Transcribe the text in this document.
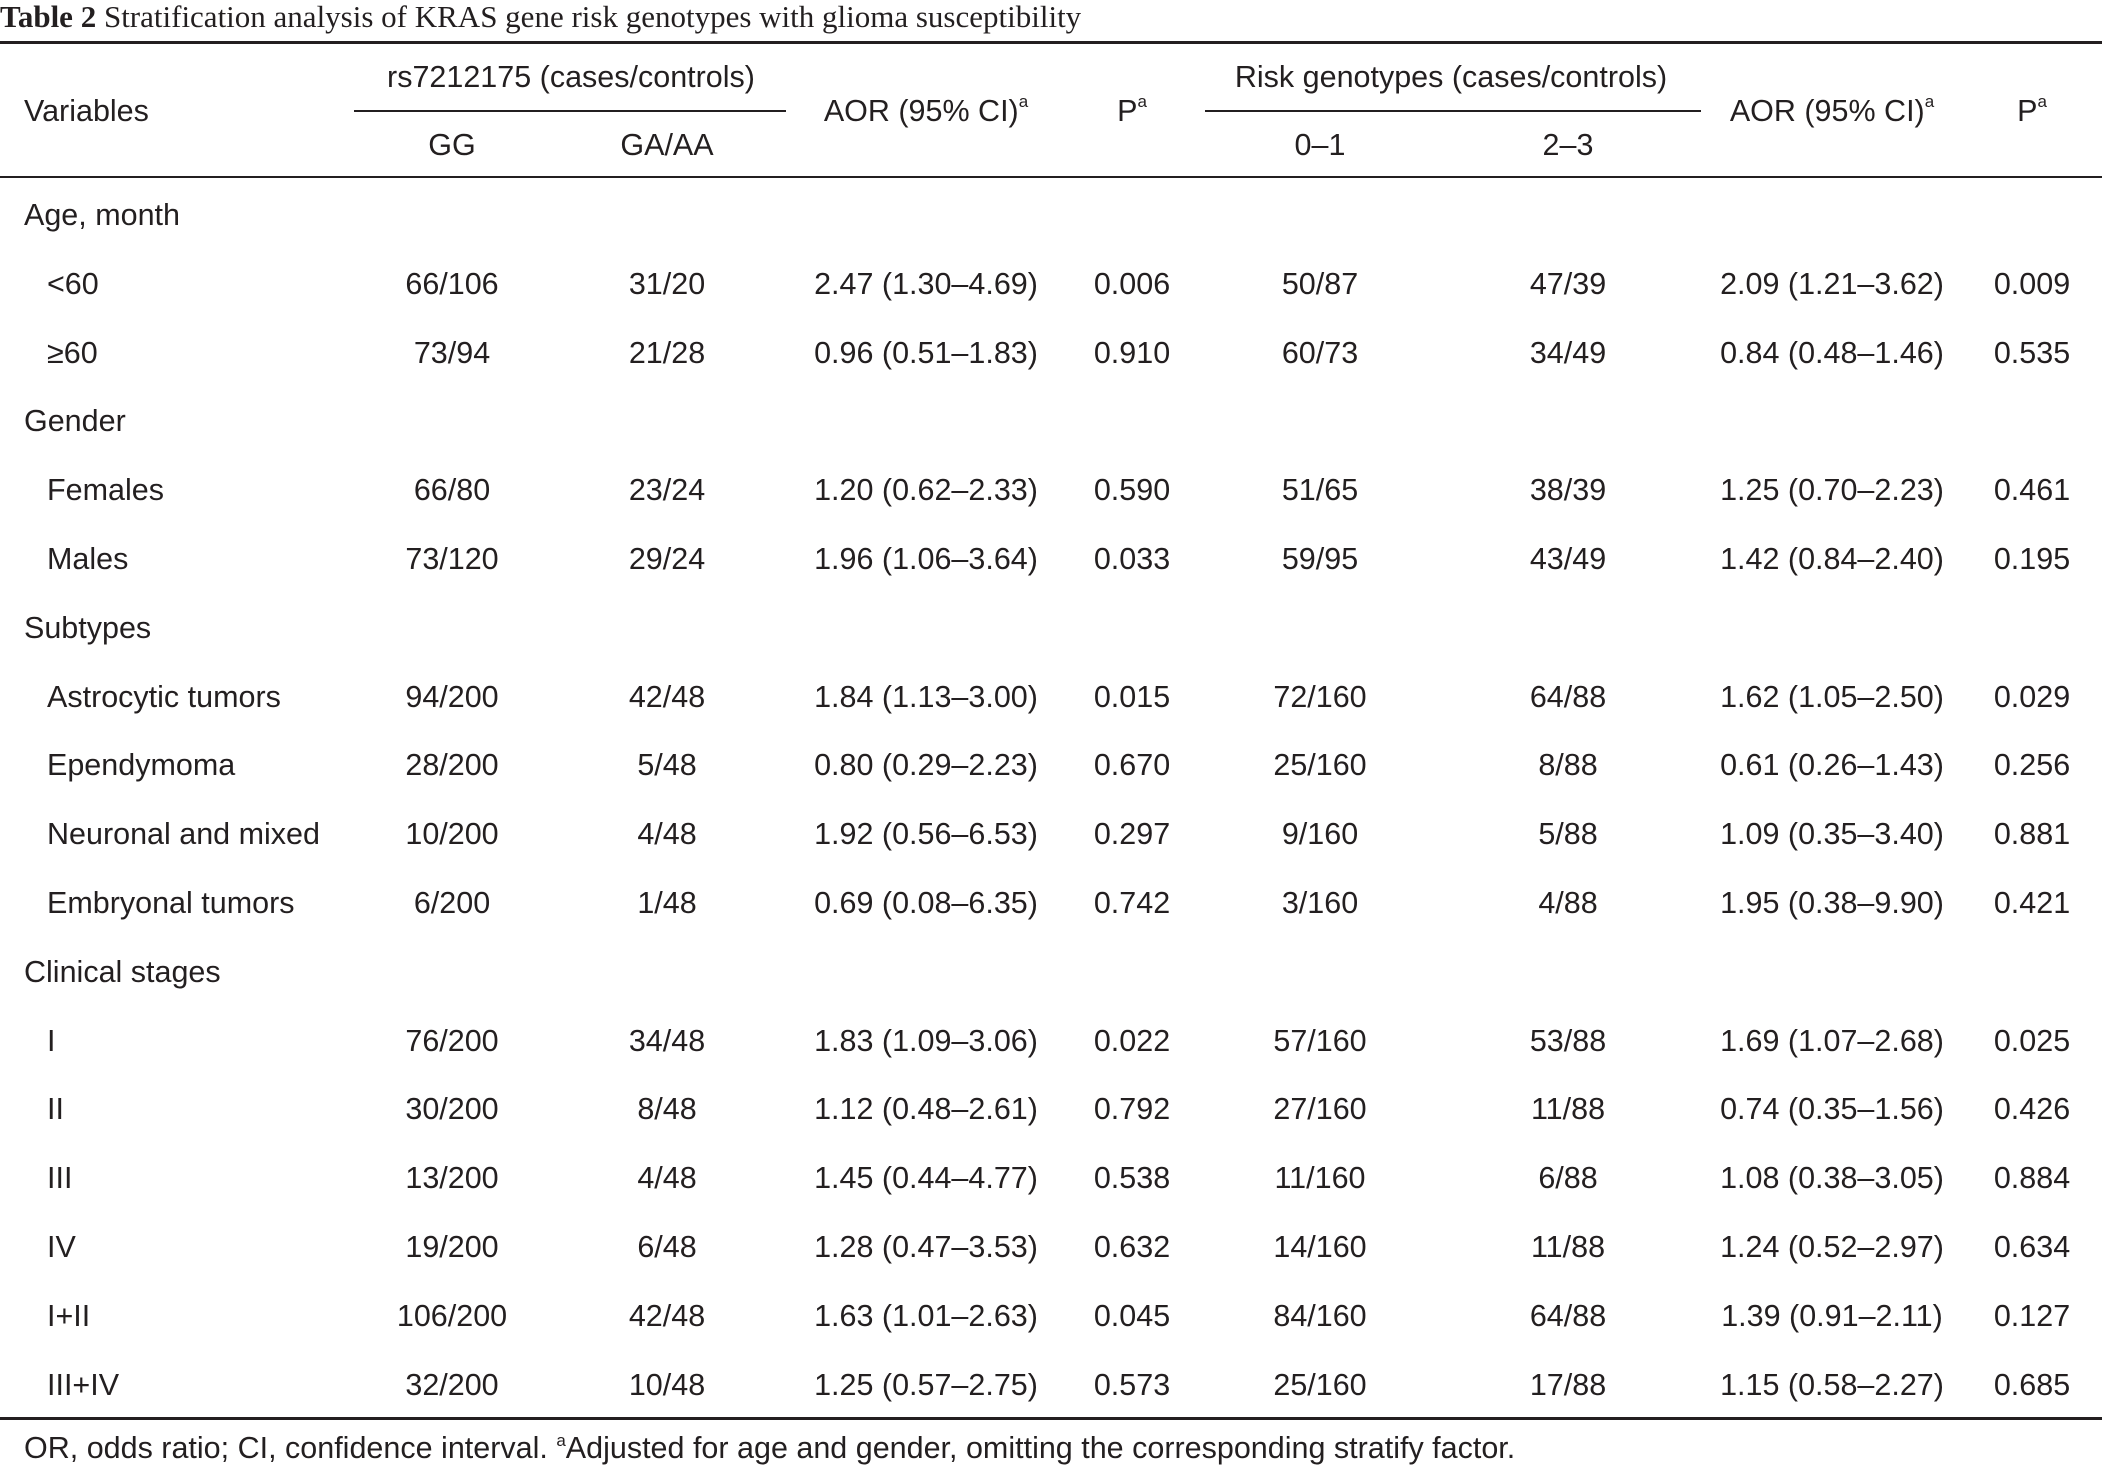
Table 2 Stratification analysis of KRAS gene risk genotypes with glioma susceptibility
Variables
rs7212175 (cases/controls)
GG	GA/AA
AOR (95% CI)$^a$	$P^a$
Risk genotypes (cases/controls)
0–1	2–3
AOR (95% CI)$^a$	$P^a$
Age, month
<60	66/106	31/20	2.47 (1.30–4.69) 0.006	50/87	47/39	2.09 (1.21–3.62) 0.009
≥60	73/94	21/28	0.96 (0.51–1.83) 0.910	60/73	34/49	0.84 (0.48–1.46) 0.535
Gender
Females	66/80	23/24	1.20 (0.62–2.33) 0.590	51/65	38/39	1.25 (0.70–2.23) 0.461
Males	73/120	29/24	1.96 (1.06–3.64) 0.033	59/95	43/49	1.42 (0.84–2.40) 0.195
Subtypes
Astrocytic tumors	94/200	42/48	1.84 (1.13–3.00) 0.015	72/160	64/88	1.62 (1.05–2.50) 0.029
Ependymoma	28/200	5/48	0.80 (0.29–2.23) 0.670	25/160	8/88	0.61 (0.26–1.43) 0.256
Neuronal and mixed	10/200	4/48	1.92 (0.56–6.53) 0.297	9/160	5/88	1.09 (0.35–3.40) 0.881
Embryonal tumors	6/200	1/48	0.69 (0.08–6.35) 0.742	3/160	4/88	1.95 (0.38–9.90) 0.421
Clinical stages
I	76/200	34/48	1.83 (1.09–3.06) 0.022	57/160	53/88	1.69 (1.07–2.68) 0.025
II	30/200	8/48	1.12 (0.48–2.61) 0.792	27/160	11/88	0.74 (0.35–1.56) 0.426
III	13/200	4/48	1.45 (0.44–4.77) 0.538	11/160	6/88	1.08 (0.38–3.05) 0.884
IV	19/200	6/48	1.28 (0.47–3.53) 0.632	14/160	11/88	1.24 (0.52–2.97) 0.634
I+II	106/200	42/48	1.63 (1.01–2.63) 0.045	84/160	64/88	1.39 (0.91–2.11) 0.127
III+IV	32/200	10/48	1.25 (0.57–2.75) 0.573	25/160	17/88	1.15 (0.58–2.27) 0.685
OR, odds ratio; CI, confidence interval. $^a$Adjusted for age and gender, omitting the corresponding stratify factor.
